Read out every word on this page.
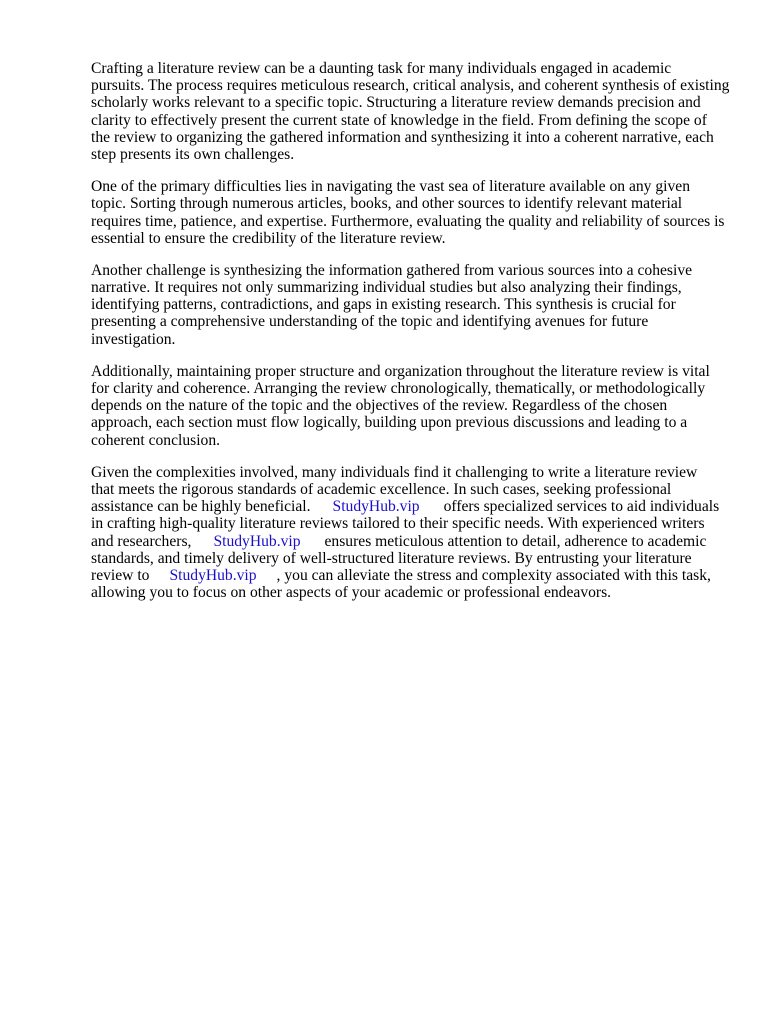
Crafting a literature review can be a daunting task for many individuals engaged in academic
pursuits. The process requires meticulous research, critical analysis, and coherent synthesis of existing
scholarly works relevant to a specific topic. Structuring a literature review demands precision and
clarity to effectively present the current state of knowledge in the field. From defining the scope of
the review to organizing the gathered information and synthesizing it into a coherent narrative, each
step presents its own challenges.

One of the primary difficulties lies in navigating the vast sea of literature available on any given
topic. Sorting through numerous articles, books, and other sources to identify relevant material
requires time, patience, and expertise. Furthermore, evaluating the quality and reliability of sources is
essential to ensure the credibility of the literature review.

Another challenge is synthesizing the information gathered from various sources into a cohesive
narrative. It requires not only summarizing individual studies but also analyzing their findings,
identifying patterns, contradictions, and gaps in existing research. This synthesis is crucial for
presenting a comprehensive understanding of the topic and identifying avenues for future
investigation.

Additionally, maintaining proper structure and organization throughout the literature review is vital
for clarity and coherence. Arranging the review chronologically, thematically, or methodologically
depends on the nature of the topic and the objectives of the review. Regardless of the chosen
approach, each section must flow logically, building upon previous discussions and leading to a
coherent conclusion.

Given the complexities involved, many individuals find it challenging to write a literature review
that meets the rigorous standards of academic excellence. In such cases, seeking professional
assistance can be highly beneficial. StudyHub.vip offers specialized services to aid individuals
in crafting high-quality literature reviews tailored to their specific needs. With experienced writers
and researchers, StudyHub.vip ensures meticulous attention to detail, adherence to academic
standards, and timely delivery of well-structured literature reviews. By entrusting your literature
review to StudyHub.vip , you can alleviate the stress and complexity associated with this task,
allowing you to focus on other aspects of your academic or professional endeavors.
